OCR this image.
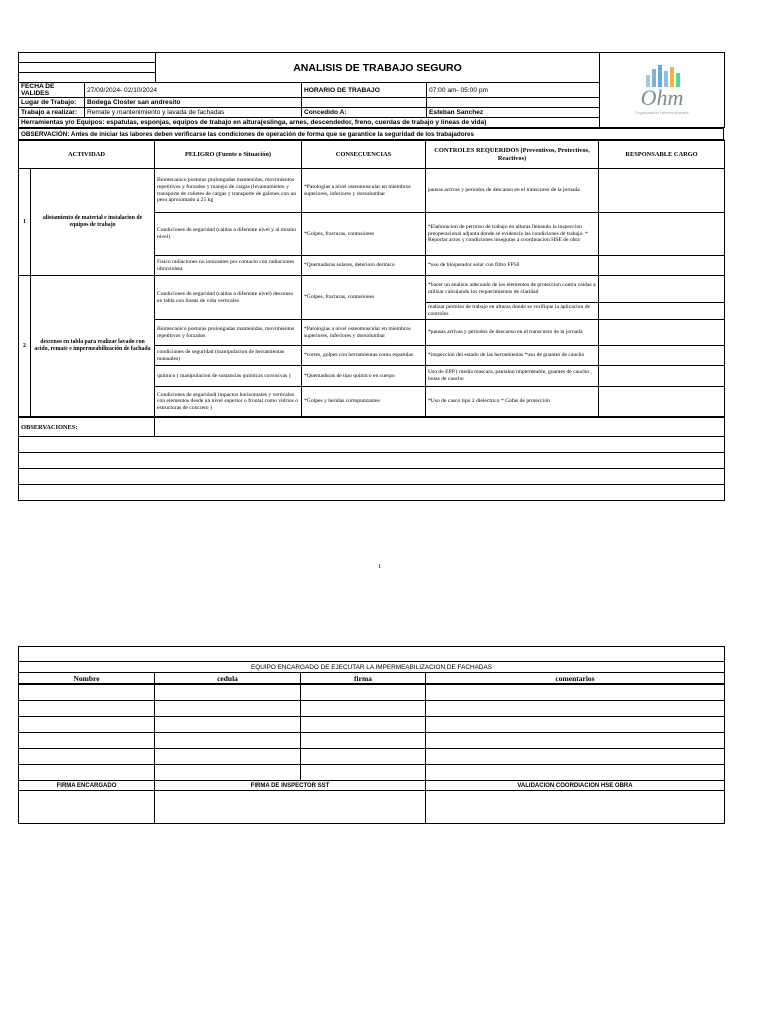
		ANALISIS DE TRABAJO SEGURO			Ohm
Organización Herrera Morales

FECHA DE VALIDES	27/09/2024- 02/10/2024		HORARIO DE TRABAJO	07:00 am- 05:00 pm	
Lugar de Trabajo:	Bodega Closter san andresito				
Trabajo a realizar:	Remate y mantenimiento y lavada de fachadas		Concedido A:	Esteban Sanchez	
Herramientas y/o Equipos: espatulas, esponjas, equipos de trabajo en altura(eslinga, arnes, descendedor, freno, cuerdas de trabajo y lineas de vida)					
OBSERVACIÓN: Antes de iniciar las labores deben verificarse las condiciones de operación de forma que se garantice la seguridad de los trabajadores
ACTIVIDAD		PELIGRO (Fuente o Situación)	CONSECUENCIAS	CONTROLES REQUERIDOS (Preventivos, Protectivos, Reactivos)	RESPONSABLE CARGO
1	alistamiento de material e instalacion de equipos de trabajo	Biomecanico posturas prolongadas mantenidas, movimientos repetitivos y forzados y manejo de cargas (levantamiento y transporte de cuñetes de cargas y transporte de galones con un peso aproximado a 25 kg	*Patologias a nivel osteomuscular en miembros superiores, inferiores y dorsolumbar	pausas activas y periodos de descanso en el transcurso de la jornada	
		Condiciones de seguridad (caidas a diferente nivel y al mismo nivel)	*Golpes, fracturas, contusiones	*Elaboracion de permiso de trabajo en alturas llenando la inspeccion preoperacional adjunta donde se evidencie las condiciones de trabajo. * Reportar actos y condiciones inseguras a coordinacion HSE de obra	
		Fisico radiaciones no ionizantes por contacto con radiaciones ultravioleta	*Quemaduras solares, deterioro dermico	*uso de bloqueador solar con filtro FP50	
2	descenso en tabla para realizar lavado con acido, remate e impermeabilización de fachada	Condiciones de seguridad (caidas a diferente nivel) descenso en tabla con lineas de vida verticales	*Golpes, fracturas, contusiones	*hacer un analisis adecuado de los elementos de proteccion contra caidas a utilizar calculando los requerimientos de claridad	
				realizar permiso de trabajo en alturas donde se verifique la aplicacion de controles	
		Biomecanico posturas prolongadas mantenidas, movimientos repetitivos y forzados	*Patologias a nivel osteomuscular en miembros superiores, inferiores y dorsolumbar	*pausas activas y periodos de descanso en el transcurso de la jornada	
		condiciones de seguridad (manipulacion de herramientas manuales)	*cortes, golpes con herramientas como espatulas	*inspección del estado de las herramientas *uso de guantes de caucho	
		quimico ( manipulacion de sustancias quimicas corrosivas )	*Quemaduras de tipo quimico en cuerpo	Uso de EPP ( media mascara, pantalon impermeable, guantes de caucho , botas de caucho	
		Condiciones de seguridad( impactos horizontales y verticales con elementos desde un nivel superior o frontal como vidrios o estructuras de concreto )	*Golpes y heridas cortopunzantes	*Uso de casco tipo 2 dielectrico * Gafas de protección	
OBSERVACIONES:	

1

EQUIPO ENCARGADO DE EJECUTAR LA IMPERMEABILIZACION DE FACHADAS			
Nombre	cedula	firma	comentarios

FIRMA ENCARGADO	FIRMA DE INSPECTOR SST		VALIDACION COORDIACION HSE OBRA
